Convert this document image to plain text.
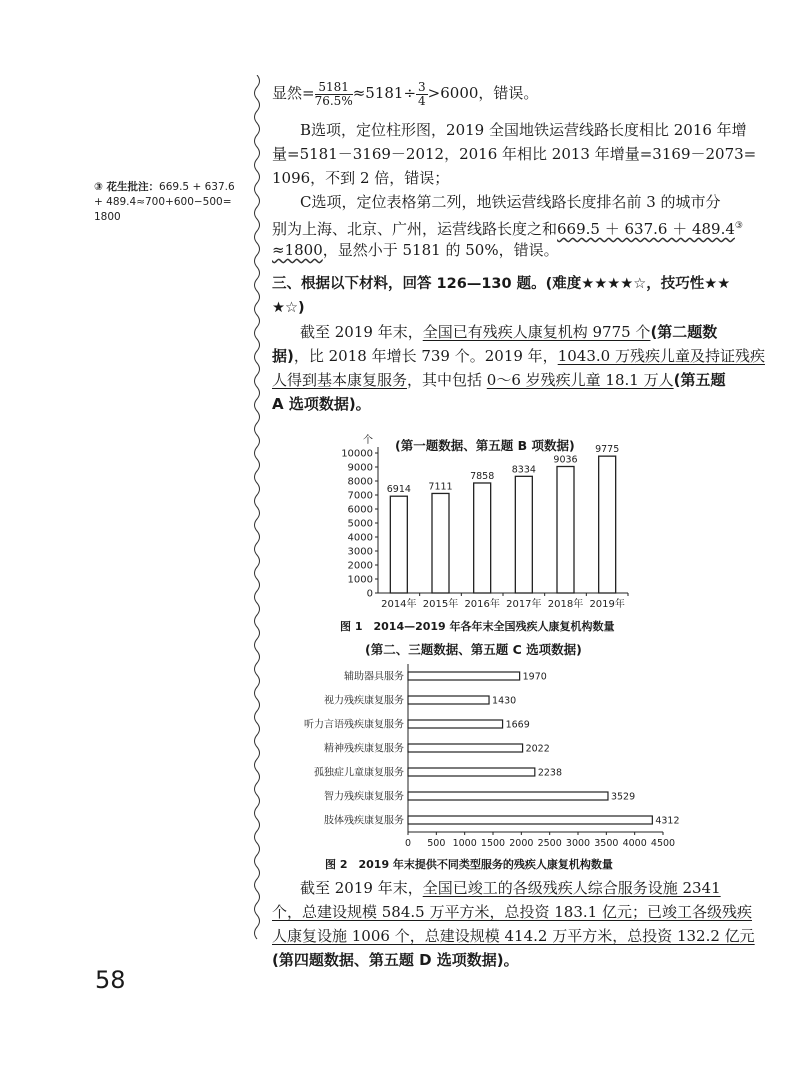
③ 花生批注：669.5 + 637.6
+ 489.4≈700+600−500=
1800
显然= $\frac{5181}{76.5\%} \approx 5181\div \frac{3}{4} >6000$，错误。
B选项，定位柱形图，2019 全国地铁运营线路长度相比 2016 年增
量=5181－3169－2012，2016 年相比 2013 年增量=3169－2073=
1096，不到 2 倍，错误；
C选项，定位表格第二列，地铁运营线路长度排名前 3 的城市分
别为上海、北京、广州，运营线路长度之和669.5 ＋ 637.6 ＋ 489.4③
≈1800，显然小于 5181 的 50%，错误。
三、根据以下材料，回答 126—130 题。(难度★★★★☆，技巧性★★
★☆)
截至 2019 年末，全国已有残疾人康复机构 9775 个(第二题数
据)，比 2018 年增长 739 个。2019 年，1043.0 万残疾儿童及持证残疾
人得到基本康复服务，其中包括 0～6 岁残疾儿童 18.1 万人(第五题
A 选项数据)。
(第一题数据、第五题 B 项数据)
个
0
1000
2000
3000
4000
5000
6000
7000
8000
9000
10000
6914
2014年
7111
2015年
7858
2016年
8334
2017年
9036
2018年
9775
2019年
图 1　2014—2019 年各年末全国残疾人康复机构数量
(第二、三题数据、第五题 C 选项数据)
0 500 1000 1500 2000 2500 3000 3500 4000 4500
1970
辅助器具服务
1430
视力残疾康复服务
1669
听力言语残疾康复服务
2022
精神残疾康复服务
2238
孤独症儿童康复服务
3529
智力残疾康复服务
4312
肢体残疾康复服务
图 2　2019 年末提供不同类型服务的残疾人康复机构数量
截至 2019 年末，全国已竣工的各级残疾人综合服务设施 2341
个，总建设规模 584.5 万平方米，总投资 183.1 亿元；已竣工各级残疾
人康复设施 1006 个，总建设规模 414.2 万平方米，总投资 132.2 亿元
(第四题数据、第五题 D 选项数据)。
58
